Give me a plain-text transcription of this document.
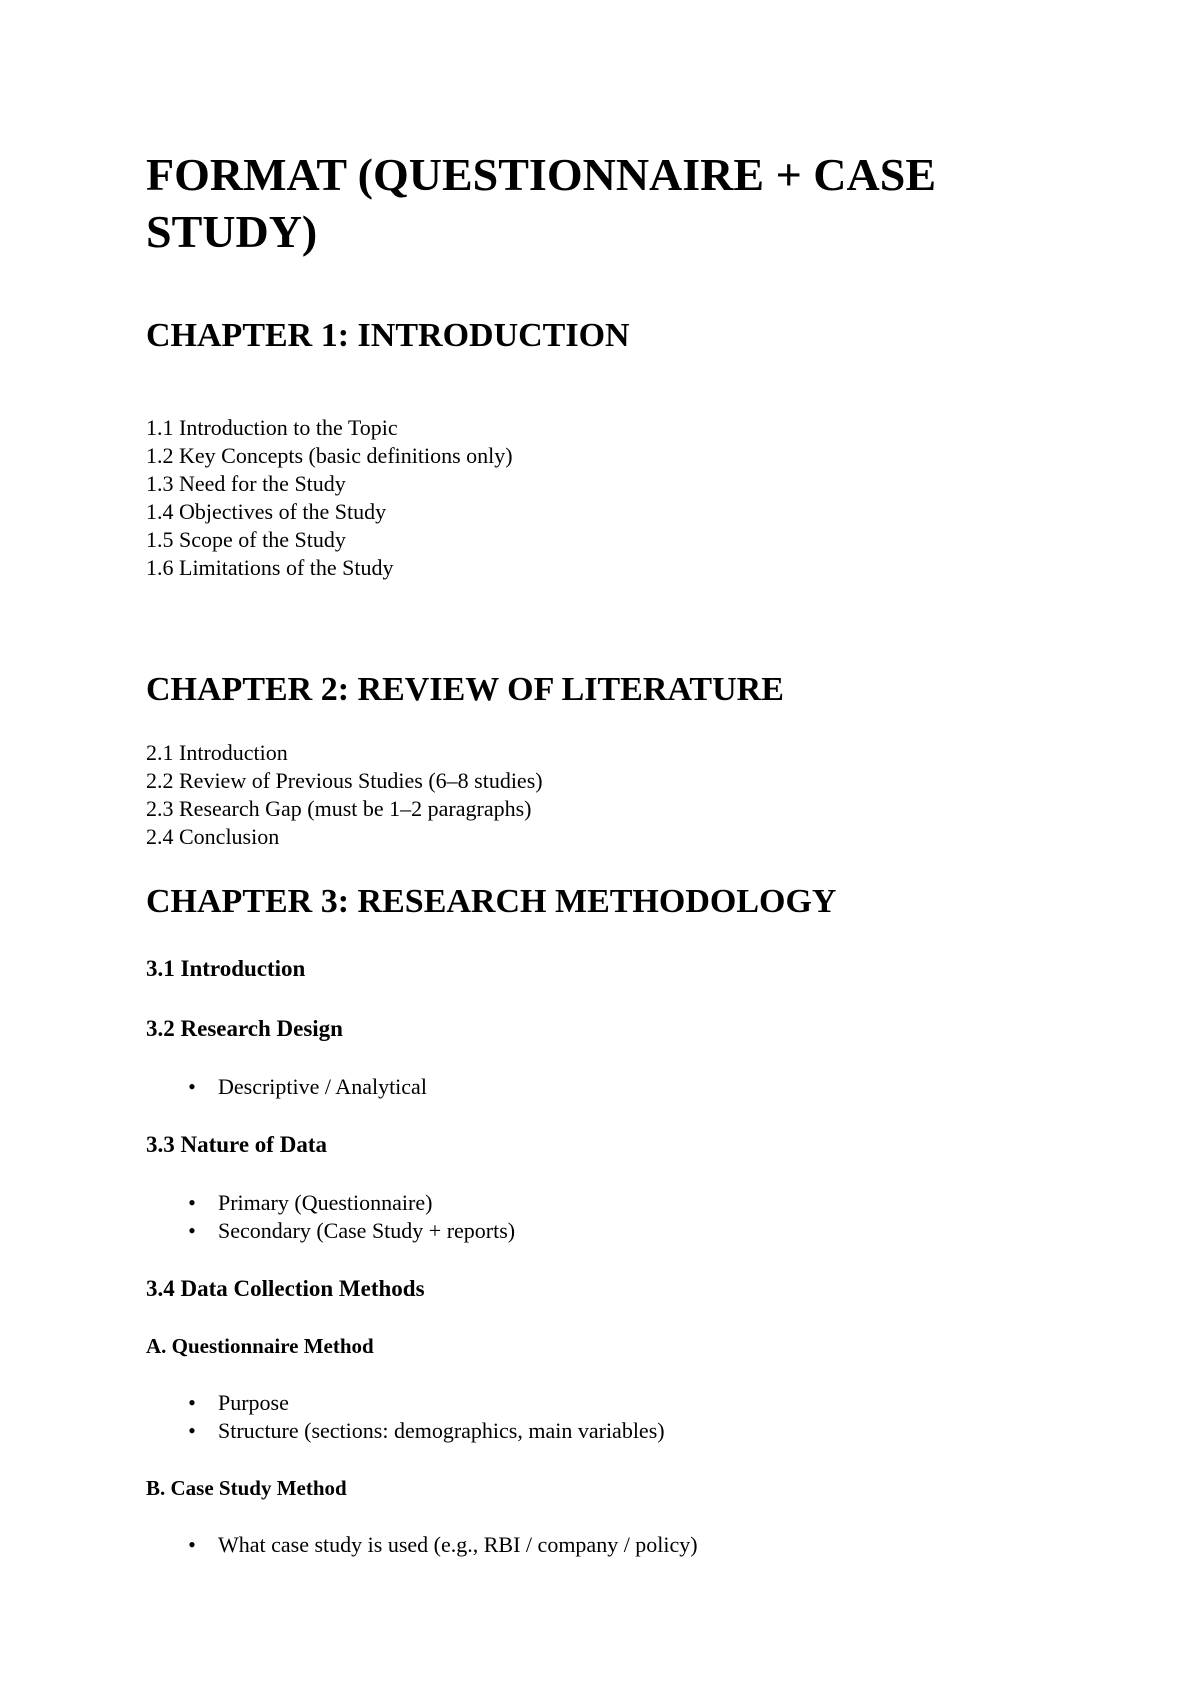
FORMAT (QUESTIONNAIRE + CASE STUDY)
CHAPTER 1: INTRODUCTION
1.1 Introduction to the Topic
1.2 Key Concepts (basic definitions only)
1.3 Need for the Study
1.4 Objectives of the Study
1.5 Scope of the Study
1.6 Limitations of the Study
CHAPTER 2: REVIEW OF LITERATURE
2.1 Introduction
2.2 Review of Previous Studies (6–8 studies)
2.3 Research Gap (must be 1–2 paragraphs)
2.4 Conclusion
CHAPTER 3: RESEARCH METHODOLOGY
3.1 Introduction
3.2 Research Design
• Descriptive / Analytical
3.3 Nature of Data
• Primary (Questionnaire)
• Secondary (Case Study + reports)
3.4 Data Collection Methods
A. Questionnaire Method
• Purpose
• Structure (sections: demographics, main variables)
B. Case Study Method
• What case study is used (e.g., RBI / company / policy)
